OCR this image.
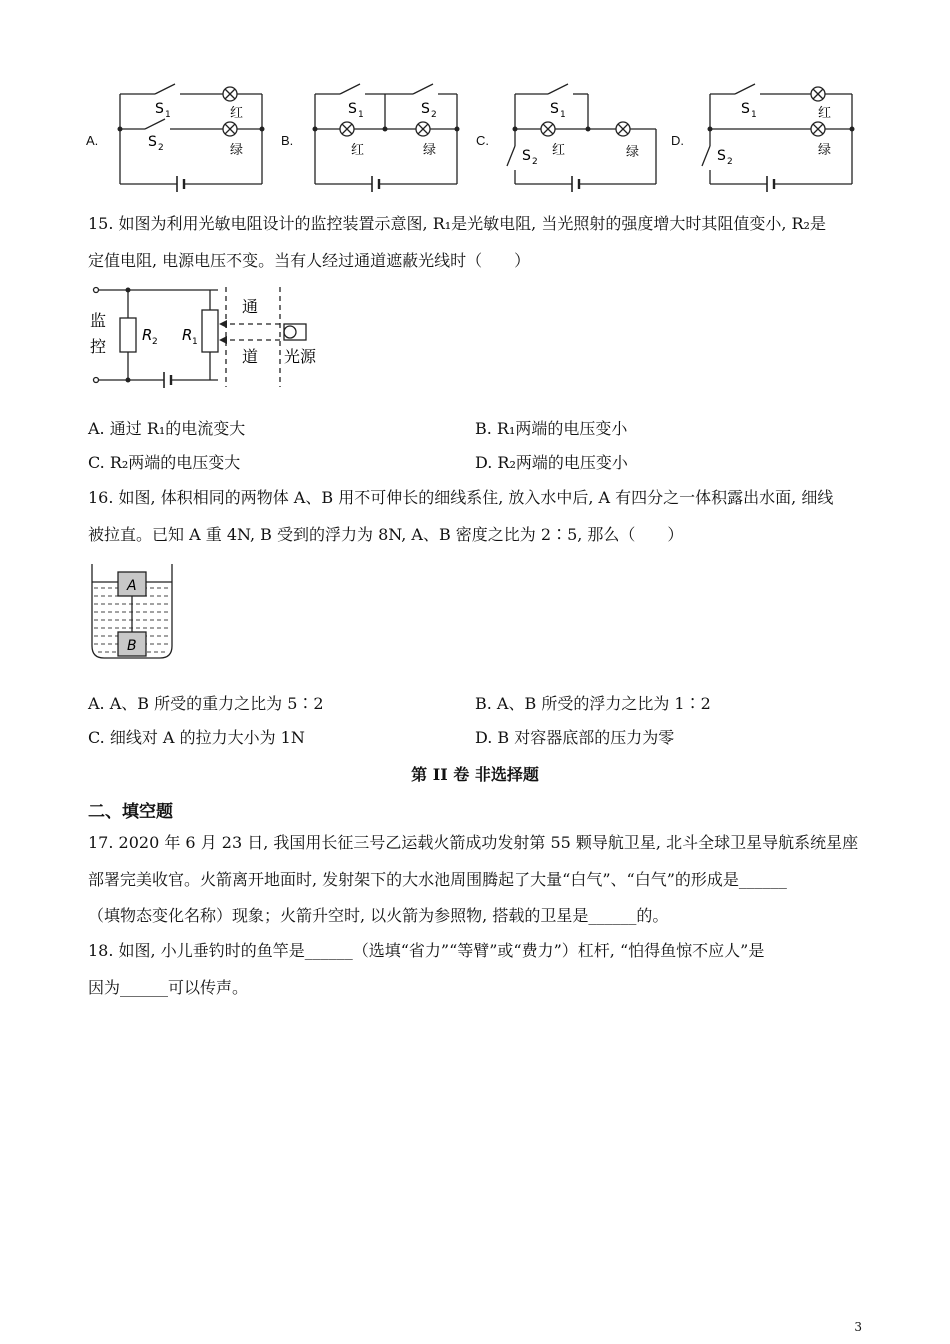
A.
S 1
S 2
红
绿
B.
S 1	S 2
红	绿
C.
S 1
S 2
红	绿
D.
S 1
S 2
红
绿
15. 如图为利用光敏电阻设计的监控装置示意图, R₁是光敏电阻, 当光照射的强度增大时其阻值变小, R₂是
定值电阻, 电源电压不变。当有人经过通道遮蔽光线时（　　）
监
控
R 2 R 1
通
道 光源
A. 通过 R₁的电流变大	B. R₁两端的电压变小
C. R₂两端的电压变大	D. R₂两端的电压变小
16. 如图, 体积相同的两物体 A、B 用不可伸长的细线系住, 放入水中后, A 有四分之一体积露出水面, 细线
被拉直。已知 A 重 4N, B 受到的浮力为 8N, A、B 密度之比为 2∶5, 那么（　　）
A
B
A. A、B 所受的重力之比为 5∶2	B. A、B 所受的浮力之比为 1∶2
C. 细线对 A 的拉力大小为 1N	D. B 对容器底部的压力为零
第 II 卷 非选择题
二、填空题
17. 2020 年 6 月 23 日, 我国用长征三号乙运载火箭成功发射第 55 颗导航卫星, 北斗全球卫星导航系统星座
部署完美收官。火箭离开地面时, 发射架下的大水池周围腾起了大量“白气”、“白气”的形成是______
（填物态变化名称）现象；火箭升空时, 以火箭为参照物, 搭载的卫星是______的。
18. 如图, 小儿垂钓时的鱼竿是______（选填“省力”“等臂”或“费力”）杠杆, “怕得鱼惊不应人”是
因为______可以传声。
3
